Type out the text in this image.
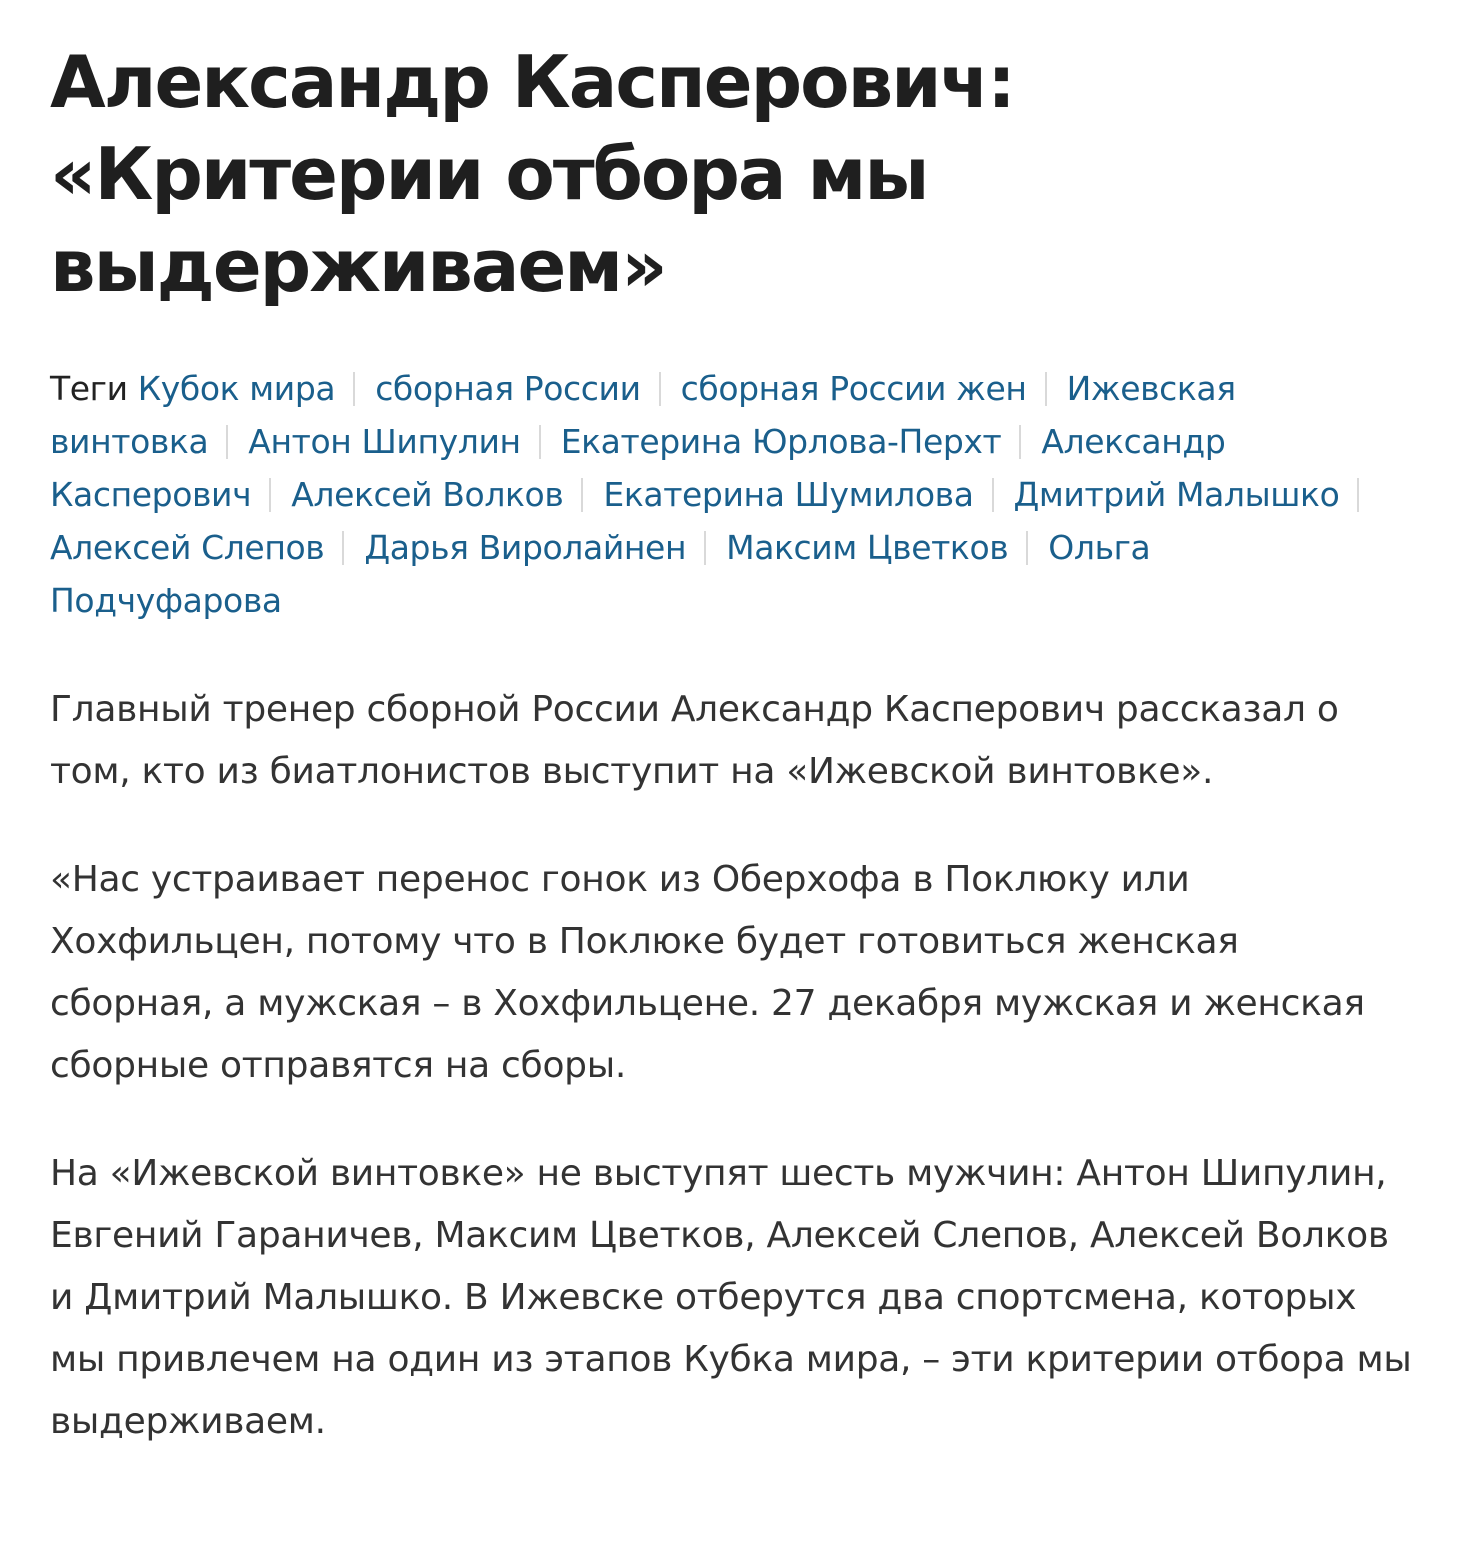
Александр Касперович: «Критерии отбора мы выдерживаем»
Теги Кубок мира сборная России сборная России жен Ижевская винтовка Антон Шипулин Екатерина Юрлова-Перхт Александр Касперович Алексей Волков Екатерина Шумилова Дмитрий МалышкоАлексей Слепов Дарья Виролайнен Максим Цветков Ольга Подчуфарова

Главный тренер сборной России Александр Касперович рассказал о том, кто из биатлонистов выступит на «Ижевской винтовке».

«Нас устраивает перенос гонок из Оберхофа в Поклюку или Хохфильцен, потому что в Поклюке будет готовиться женская сборная, а мужская – в Хохфильцене. 27 декабря мужская и женская сборные отправятся на сборы.

На «Ижевской винтовке» не выступят шесть мужчин: Антон Шипулин, Евгений Гараничев, Максим Цветков, Алексей Слепов, Алексей Волков и Дмитрий Малышко. В Ижевске отберутся два спортсмена, которых мы привлечем на один из этапов Кубка мира, – эти критерии отбора мы выдерживаем.
